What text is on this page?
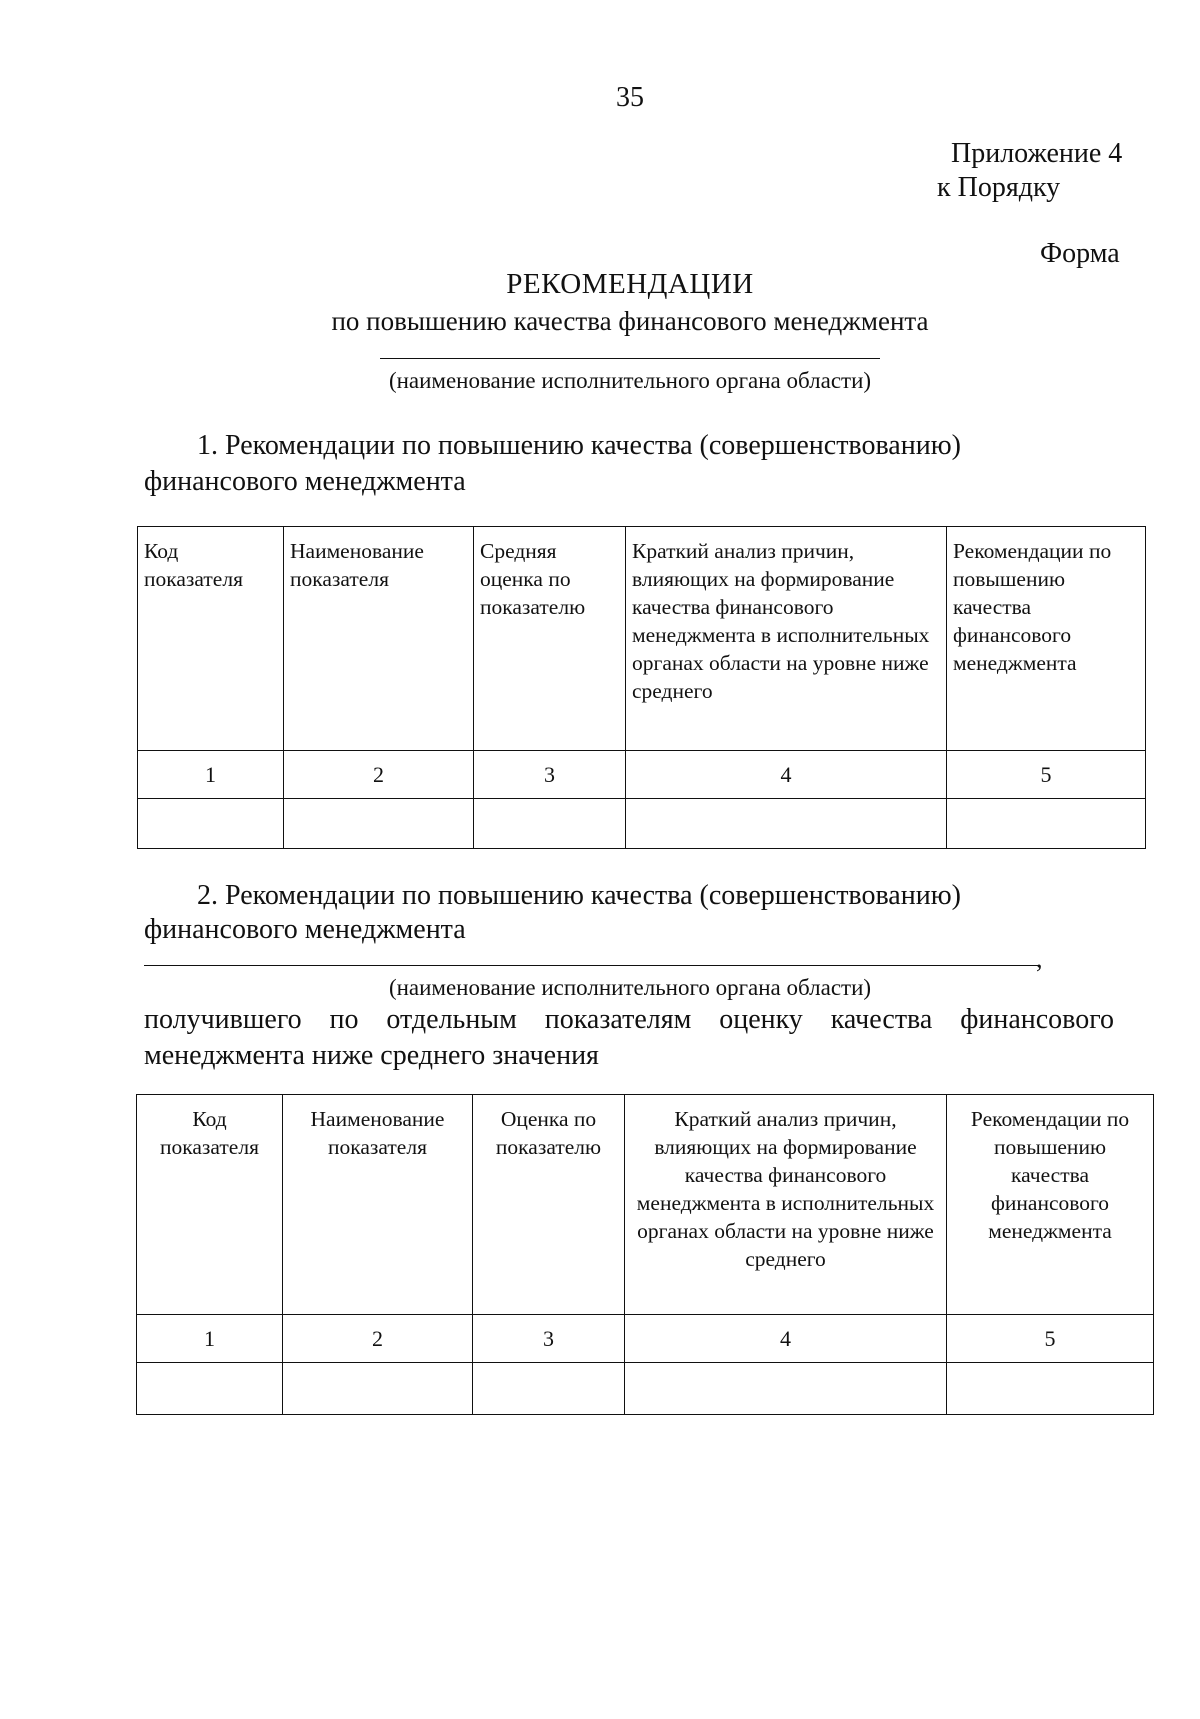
35
Приложение 4
к Порядку
Форма
РЕКОМЕНДАЦИИ
по повышению качества финансового менеджмента
(наименование исполнительного органа области)
1. Рекомендации по повышению качества (совершенствованию)
финансового менеджмента
Код показателя	Наименование показателя	Средняя оценка по показателю	Краткий анализ причин, влияющих на формирование качества финансового менеджмента в исполнительных органах области на уровне ниже среднего	Рекомендации по повышению качества финансового менеджмента
1	2	3	4	5

2. Рекомендации по повышению качества (совершенствованию)
финансового менеджмента
,
(наименование исполнительного органа области)
получившего по отдельным показателям оценку качества финансового
менеджмента ниже среднего значения
Код показателя	Наименование показателя	Оценка по показателю	Краткий анализ причин, влияющих на формирование качества финансового менеджмента в исполнительных органах области на уровне ниже среднего	Рекомендации по повышению качества финансового менеджмента
1	2	3	4	5
